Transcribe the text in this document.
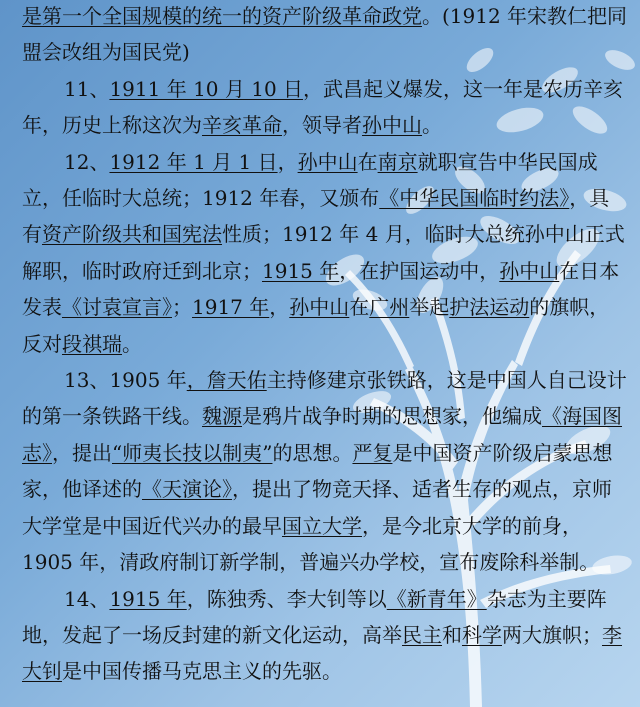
是第一个全国规模的统一的资产阶级革命政党。(1912 年宋教仁把同盟会改组为国民党)

11、1911 年 10 月 10 日，武昌起义爆发，这一年是农历辛亥年，历史上称这次为辛亥革命，领导者孙中山。

12、1912 年 1 月 1 日，孙中山在南京就职宣告中华民国成立，任临时大总统；1912 年春，又颁布《中华民国临时约法》，具有资产阶级共和国宪法性质；1912 年 4 月，临时大总统孙中山正式解职，临时政府迁到北京；1915 年，在护国运动中，孙中山在日本发表《讨袁宣言》；1917 年，孙中山在广州举起护法运动的旗帜，反对段祺瑞。

13、1905 年，詹天佑主持修建京张铁路，这是中国人自己设计的第一条铁路干线。魏源是鸦片战争时期的思想家，他编成《海国图志》，提出“师夷长技以制夷”的思想。严复是中国资产阶级启蒙思想家，他译述的《天演论》，提出了物竞天择、适者生存的观点，京师大学堂是中国近代兴办的最早国立大学，是今北京大学的前身，1905 年，清政府制订新学制，普遍兴办学校，宣布废除科举制。

14、1915 年，陈独秀、李大钊等以《新青年》杂志为主要阵地，发起了一场反封建的新文化运动，高举民主和科学两大旗帜；李大钊是中国传播马克思主义的先驱。
